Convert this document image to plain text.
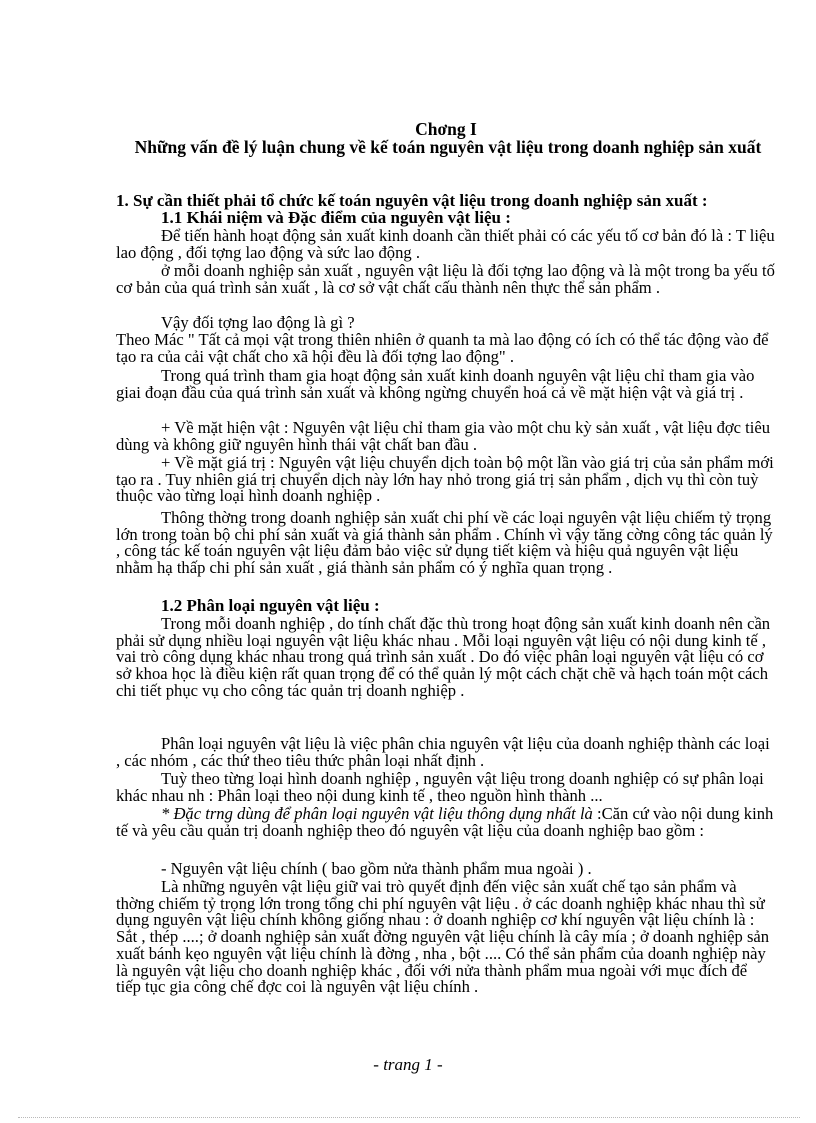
Chơng I
Những vấn đề lý luận chung về kế toán nguyên vật liệu trong doanh nghiệp sản xuất
1. Sự cần thiết phải tổ chức kế toán nguyên vật liệu trong doanh nghiệp sản xuất :
1.1 Khái niệm và Đặc điểm của nguyên vật liệu :

Để tiến hành hoạt động sản xuất kinh doanh cần thiết phải có các yếu tố cơ bản đó là : T liệu lao động , đối tợng lao động và sức lao động .

ở mỗi doanh nghiệp sản xuất , nguyên vật liệu là đối tợng lao động và là một trong ba yếu tố cơ bản của quá trình sản xuất , là cơ sở vật chất cấu thành nên thực thể sản phẩm .

Vậy đối tợng lao động là gì ?

Theo Mác " Tất cả mọi vật trong thiên nhiên ở quanh ta mà lao động có ích có thể tác động vào để tạo ra của cải vật chất cho xã hội đều là đối tợng lao động" .

Trong quá trình tham gia hoạt động sản xuất kinh doanh nguyên vật liệu chỉ tham gia vào giai đoạn đầu của quá trình sản xuất và không ngừng chuyển hoá cả về mặt hiện vật và giá trị .

+ Về mặt hiện vật : Nguyên vật liệu chỉ tham gia vào một chu kỳ sản xuất , vật liệu đợc tiêu dùng và không giữ nguyên hình thái vật chất ban đầu .

+ Về mặt giá trị : Nguyên vật liệu chuyển dịch toàn bộ một lần vào giá trị của sản phẩm mới tạo ra . Tuy nhiên giá trị chuyển dịch này lớn hay nhỏ trong giá trị sản phẩm , dịch vụ thì còn tuỳ thuộc vào từng loại hình doanh nghiệp .

Thông thờng trong doanh nghiệp sản xuất chi phí về các loại nguyên vật liệu chiếm tỷ trọng lớn trong toàn bộ chi phí sản xuất và giá thành sản phẩm . Chính vì vậy tăng cờng công tác quản lý , công tác kế toán nguyên vật liệu đảm bảo việc sử dụng tiết kiệm và hiệu quả nguyên vật liệu nhằm hạ thấp chi phí sản xuất , giá thành sản phẩm có ý nghĩa quan trọng .

1.2 Phân loại nguyên vật liệu :

Trong mỗi doanh nghiệp , do tính chất đặc thù trong hoạt động sản xuất kinh doanh nên cần phải sử dụng nhiều loại nguyên vật liệu khác nhau . Mỗi loại nguyên vật liệu có nội dung kinh tế , vai trò công dụng khác nhau trong quá trình sản xuất . Do đó việc phân loại nguyên vật liệu có cơ sở khoa học là điều kiện rất quan trọng để có thể quản lý một cách chặt chẽ và hạch toán một cách chi tiết phục vụ cho công tác quản trị doanh nghiệp .

Phân loại nguyên vật liệu là việc phân chia nguyên vật liệu của doanh nghiệp thành các loại , các nhóm , các thứ theo tiêu thức phân loại nhất định .

Tuỳ theo từng loại hình doanh nghiệp , nguyên vật liệu trong doanh nghiệp có sự phân loại khác nhau nh : Phân loại theo nội dung kinh tế , theo nguồn hình thành ...

* Đặc trng dùng để phân loại nguyên vật liệu thông dụng nhất là :Căn cứ vào nội dung kinh tế và yêu cầu quản trị doanh nghiệp theo đó nguyên vật liệu của doanh nghiệp bao gồm :

- Nguyên vật liệu chính ( bao gồm nửa thành phẩm mua ngoài ) .

Là những nguyên vật liệu giữ vai trò quyết định đến việc sản xuất chế tạo sản phẩm và thờng chiếm tỷ trọng lớn trong tổng chi phí nguyên vật liệu . ở các doanh nghiệp khác nhau thì sử dụng nguyên vật liệu chính không giống nhau : ở doanh nghiệp cơ khí nguyên vật liệu chính là : Sắt , thép ....; ở doanh nghiệp sản xuất đờng nguyên vật liệu chính là cây mía ; ở doanh nghiệp sản xuất bánh kẹo nguyên vật liệu chính là đờng , nha , bột .... Có thể sản phẩm của doanh nghiệp này là nguyên vật liệu cho doanh nghiệp khác , đối với nửa thành phẩm mua ngoài với mục đích để tiếp tục gia công chế đợc coi là nguyên vật liệu chính .

- trang 1 -
